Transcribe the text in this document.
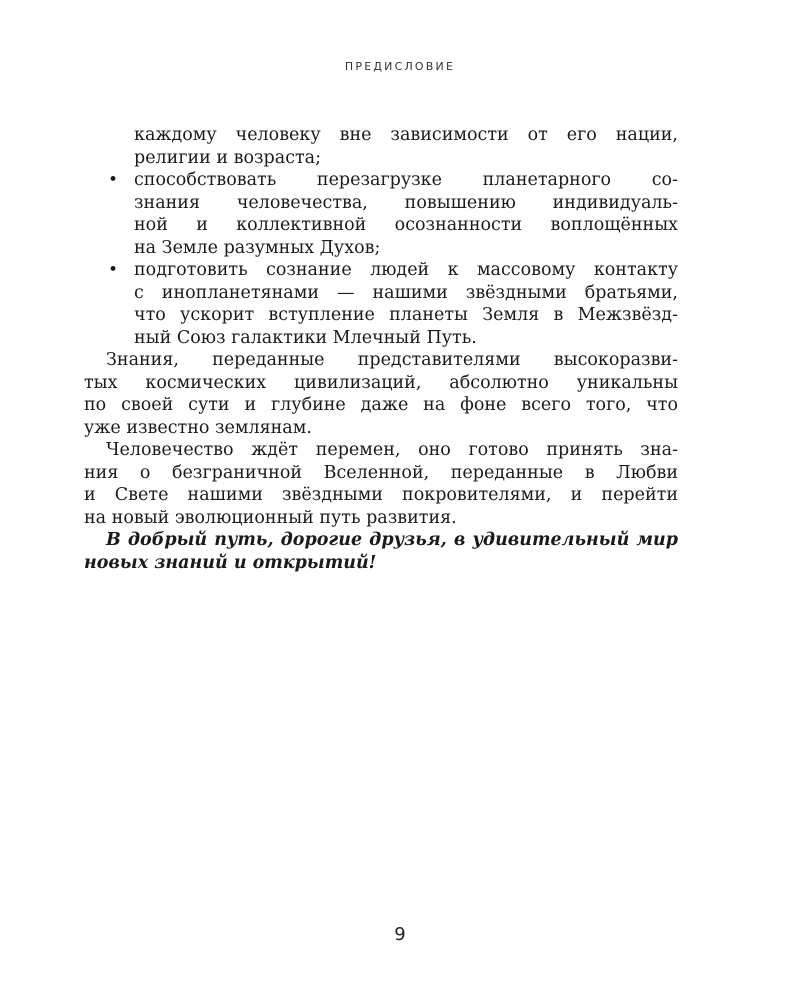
ПРЕДИСЛОВИЕ
каждому человеку вне зависимости от его нации,
религии и возраста;
• способствовать перезагрузке планетарного со-
знания человечества, повышению индивидуаль-
ной и коллективной осознанности воплощённых
на Земле разумных Духов;
• подготовить сознание людей к массовому контакту
с инопланетянами — нашими звёздными братьями,
что ускорит вступление планеты Земля в Межзвёзд-
ный Союз галактики Млечный Путь.
Знания, переданные представителями высокоразви-
тых космических цивилизаций, абсолютно уникальны
по своей сути и глубине даже на фоне всего того, что
уже известно землянам.
Человечество ждёт перемен, оно готово принять зна-
ния о безграничной Вселенной, переданные в Любви
и Свете нашими звёздными покровителями, и перейти
на новый эволюционный путь развития.
В добрый путь, дорогие друзья, в удивительный мир
новых знаний и открытий!
9
